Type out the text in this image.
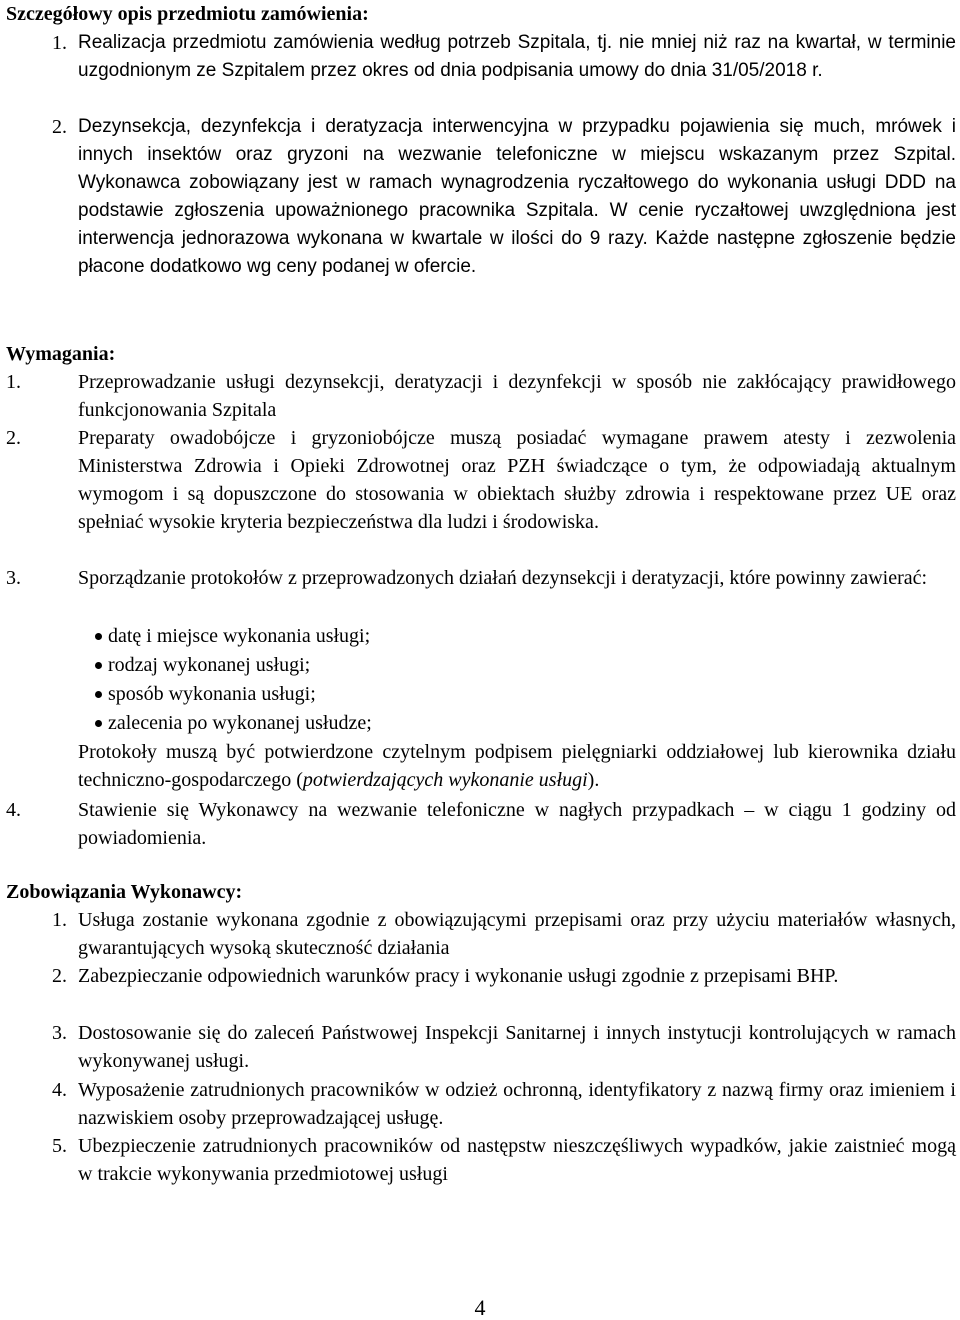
Szczegółowy opis przedmiotu zamówienia:
1. Realizacja przedmiotu zamówienia według potrzeb Szpitala, tj. nie mniej niż raz na kwartał, w terminie uzgodnionym ze Szpitalem przez okres od dnia podpisania umowy do dnia 31/05/2018 r.
2. Dezynsekcja, dezynfekcja i deratyzacja interwencyjna w przypadku pojawienia się much, mrówek i innych insektów oraz gryzoni na wezwanie telefoniczne w miejscu wskazanym przez Szpital. Wykonawca zobowiązany jest w ramach wynagrodzenia ryczałtowego do wykonania usługi DDD na podstawie zgłoszenia upoważnionego pracownika Szpitala. W cenie ryczałtowej uwzględniona jest interwencja jednorazowa wykonana w kwartale w ilości do 9 razy. Każde następne zgłoszenie będzie płacone dodatkowo wg ceny podanej w ofercie.
Wymagania:
1.	Przeprowadzanie usługi dezynsekcji, deratyzacji i dezynfekcji w sposób nie zakłócający prawidłowego funkcjonowania Szpitala
2.	Preparaty owadobójcze i gryzoniobójcze muszą posiadać wymagane prawem atesty i zezwolenia Ministerstwa Zdrowia i Opieki Zdrowotnej oraz PZH świadczące o tym, że odpowiadają aktualnym wymogom i są dopuszczone do stosowania w obiektach służby zdrowia i respektowane przez UE oraz spełniać wysokie kryteria bezpieczeństwa dla ludzi i środowiska.
3.	Sporządzanie protokołów z przeprowadzonych działań dezynsekcji i deratyzacji, które powinny zawierać:
datę i miejsce wykonania usługi;
rodzaj wykonanej usługi;
sposób wykonania usługi;
zalecenia po wykonanej usłudze;
Protokoły muszą być potwierdzone czytelnym podpisem pielęgniarki oddziałowej lub kierownika działu techniczno-gospodarczego (potwierdzających wykonanie usługi).
4.	Stawienie się Wykonawcy na wezwanie telefoniczne w nagłych przypadkach – w ciągu 1 godziny od powiadomienia.
Zobowiązania Wykonawcy:
1. Usługa zostanie wykonana zgodnie z obowiązującymi przepisami oraz przy użyciu materiałów własnych, gwarantujących wysoką skuteczność działania
2. Zabezpieczanie odpowiednich warunków pracy i wykonanie usługi zgodnie z przepisami BHP.
3. Dostosowanie się do zaleceń Państwowej Inspekcji Sanitarnej i innych instytucji kontrolujących w ramach wykonywanej usługi.
4. Wyposażenie zatrudnionych pracowników w odzież ochronną, identyfikatory z nazwą firmy oraz imieniem i nazwiskiem osoby przeprowadzającej usługę.
5. Ubezpieczenie zatrudnionych pracowników od następstw nieszczęśliwych wypadków, jakie zaistnieć mogą w trakcie wykonywania przedmiotowej usługi
4
